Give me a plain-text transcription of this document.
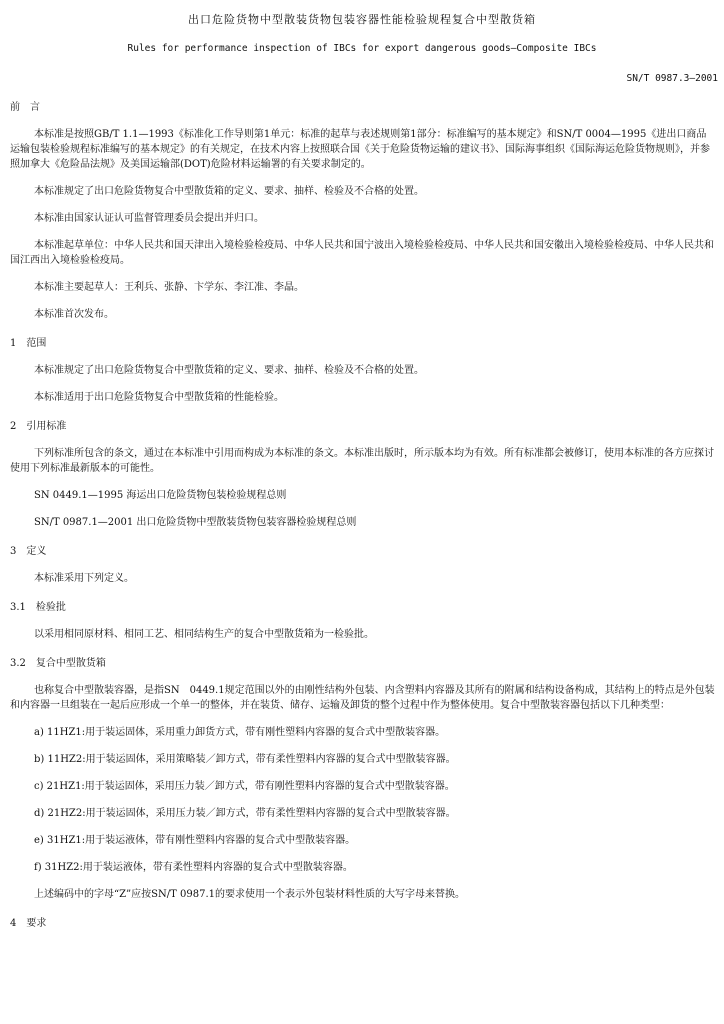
出口危险货物中型散装货物包装容器性能检验规程复合中型散货箱
Rules for performance inspection of IBCs for export dangerous goods—Composite IBCs
SN/T 0987.3—2001

前　言

本标准是按照GB/T 1.1—1993《标准化工作导则第1单元：标准的起草与表述规则第1部分：标准编写的基本规定》和SN/T 0004—1995《进出口商品运输包装检验规程标准编写的基本规定》的有关规定，在技术内容上按照联合国《关于危险货物运输的建议书》、国际海事组织《国际海运危险货物规则》，并参照加拿大《危险品法规》及美国运输部(DOT)危险材料运输署的有关要求制定的。

本标准规定了出口危险货物复合中型散货箱的定义、要求、抽样、检验及不合格的处置。

本标准由国家认证认可监督管理委员会提出并归口。

本标准起草单位：中华人民共和国天津出入境检验检疫局、中华人民共和国宁波出入境检验检疫局、中华人民共和国安徽出入境检验检疫局、中华人民共和国江西出入境检验检疫局。

本标准主要起草人：王利兵、张静、卞学东、李江准、李晶。

本标准首次发布。

1　范围

本标准规定了出口危险货物复合中型散货箱的定义、要求、抽样、检验及不合格的处置。

本标准适用于出口危险货物复合中型散货箱的性能检验。

2　引用标准

下列标准所包含的条文，通过在本标准中引用而构成为本标准的条文。本标准出版时，所示版本均为有效。所有标准都会被修订，使用本标准的各方应探讨使用下列标准最新版本的可能性。

SN 0449.1—1995 海运出口危险货物包装检验规程总则

SN/T 0987.1—2001 出口危险货物中型散装货物包装容器检验规程总则

3　定义

本标准采用下列定义。

3.1　检验批

以采用相同原材料、相同工艺、相同结构生产的复合中型散货箱为一检验批。

3.2　复合中型散货箱

也称复合中型散装容器，是指SN　0449.1规定范围以外的由刚性结构外包装、内含塑料内容器及其所有的附属和结构设备构成，其结构上的特点是外包装和内容器一旦组装在一起后应形成一个单一的整体，并在装货、储存、运输及卸货的整个过程中作为整体使用。复合中型散装容器包括以下几种类型：

a) 11HZ1:用于装运固体，采用重力卸货方式，带有刚性塑料内容器的复合式中型散装容器。

b) 11HZ2:用于装运固体，采用策略装／卸方式，带有柔性塑料内容器的复合式中型散装容器。

c) 21HZ1:用于装运固体，采用压力装／卸方式，带有刚性塑料内容器的复合式中型散装容器。

d) 21HZ2:用于装运固体，采用压力装／卸方式，带有柔性塑料内容器的复合式中型散装容器。

e) 31HZ1:用于装运液体，带有刚性塑料内容器的复合式中型散装容器。

f) 31HZ2:用于装运液体，带有柔性塑料内容器的复合式中型散装容器。

上述编码中的字母“Z”应按SN/T 0987.1的要求使用一个表示外包装材料性质的大写字母来替换。

4　要求
